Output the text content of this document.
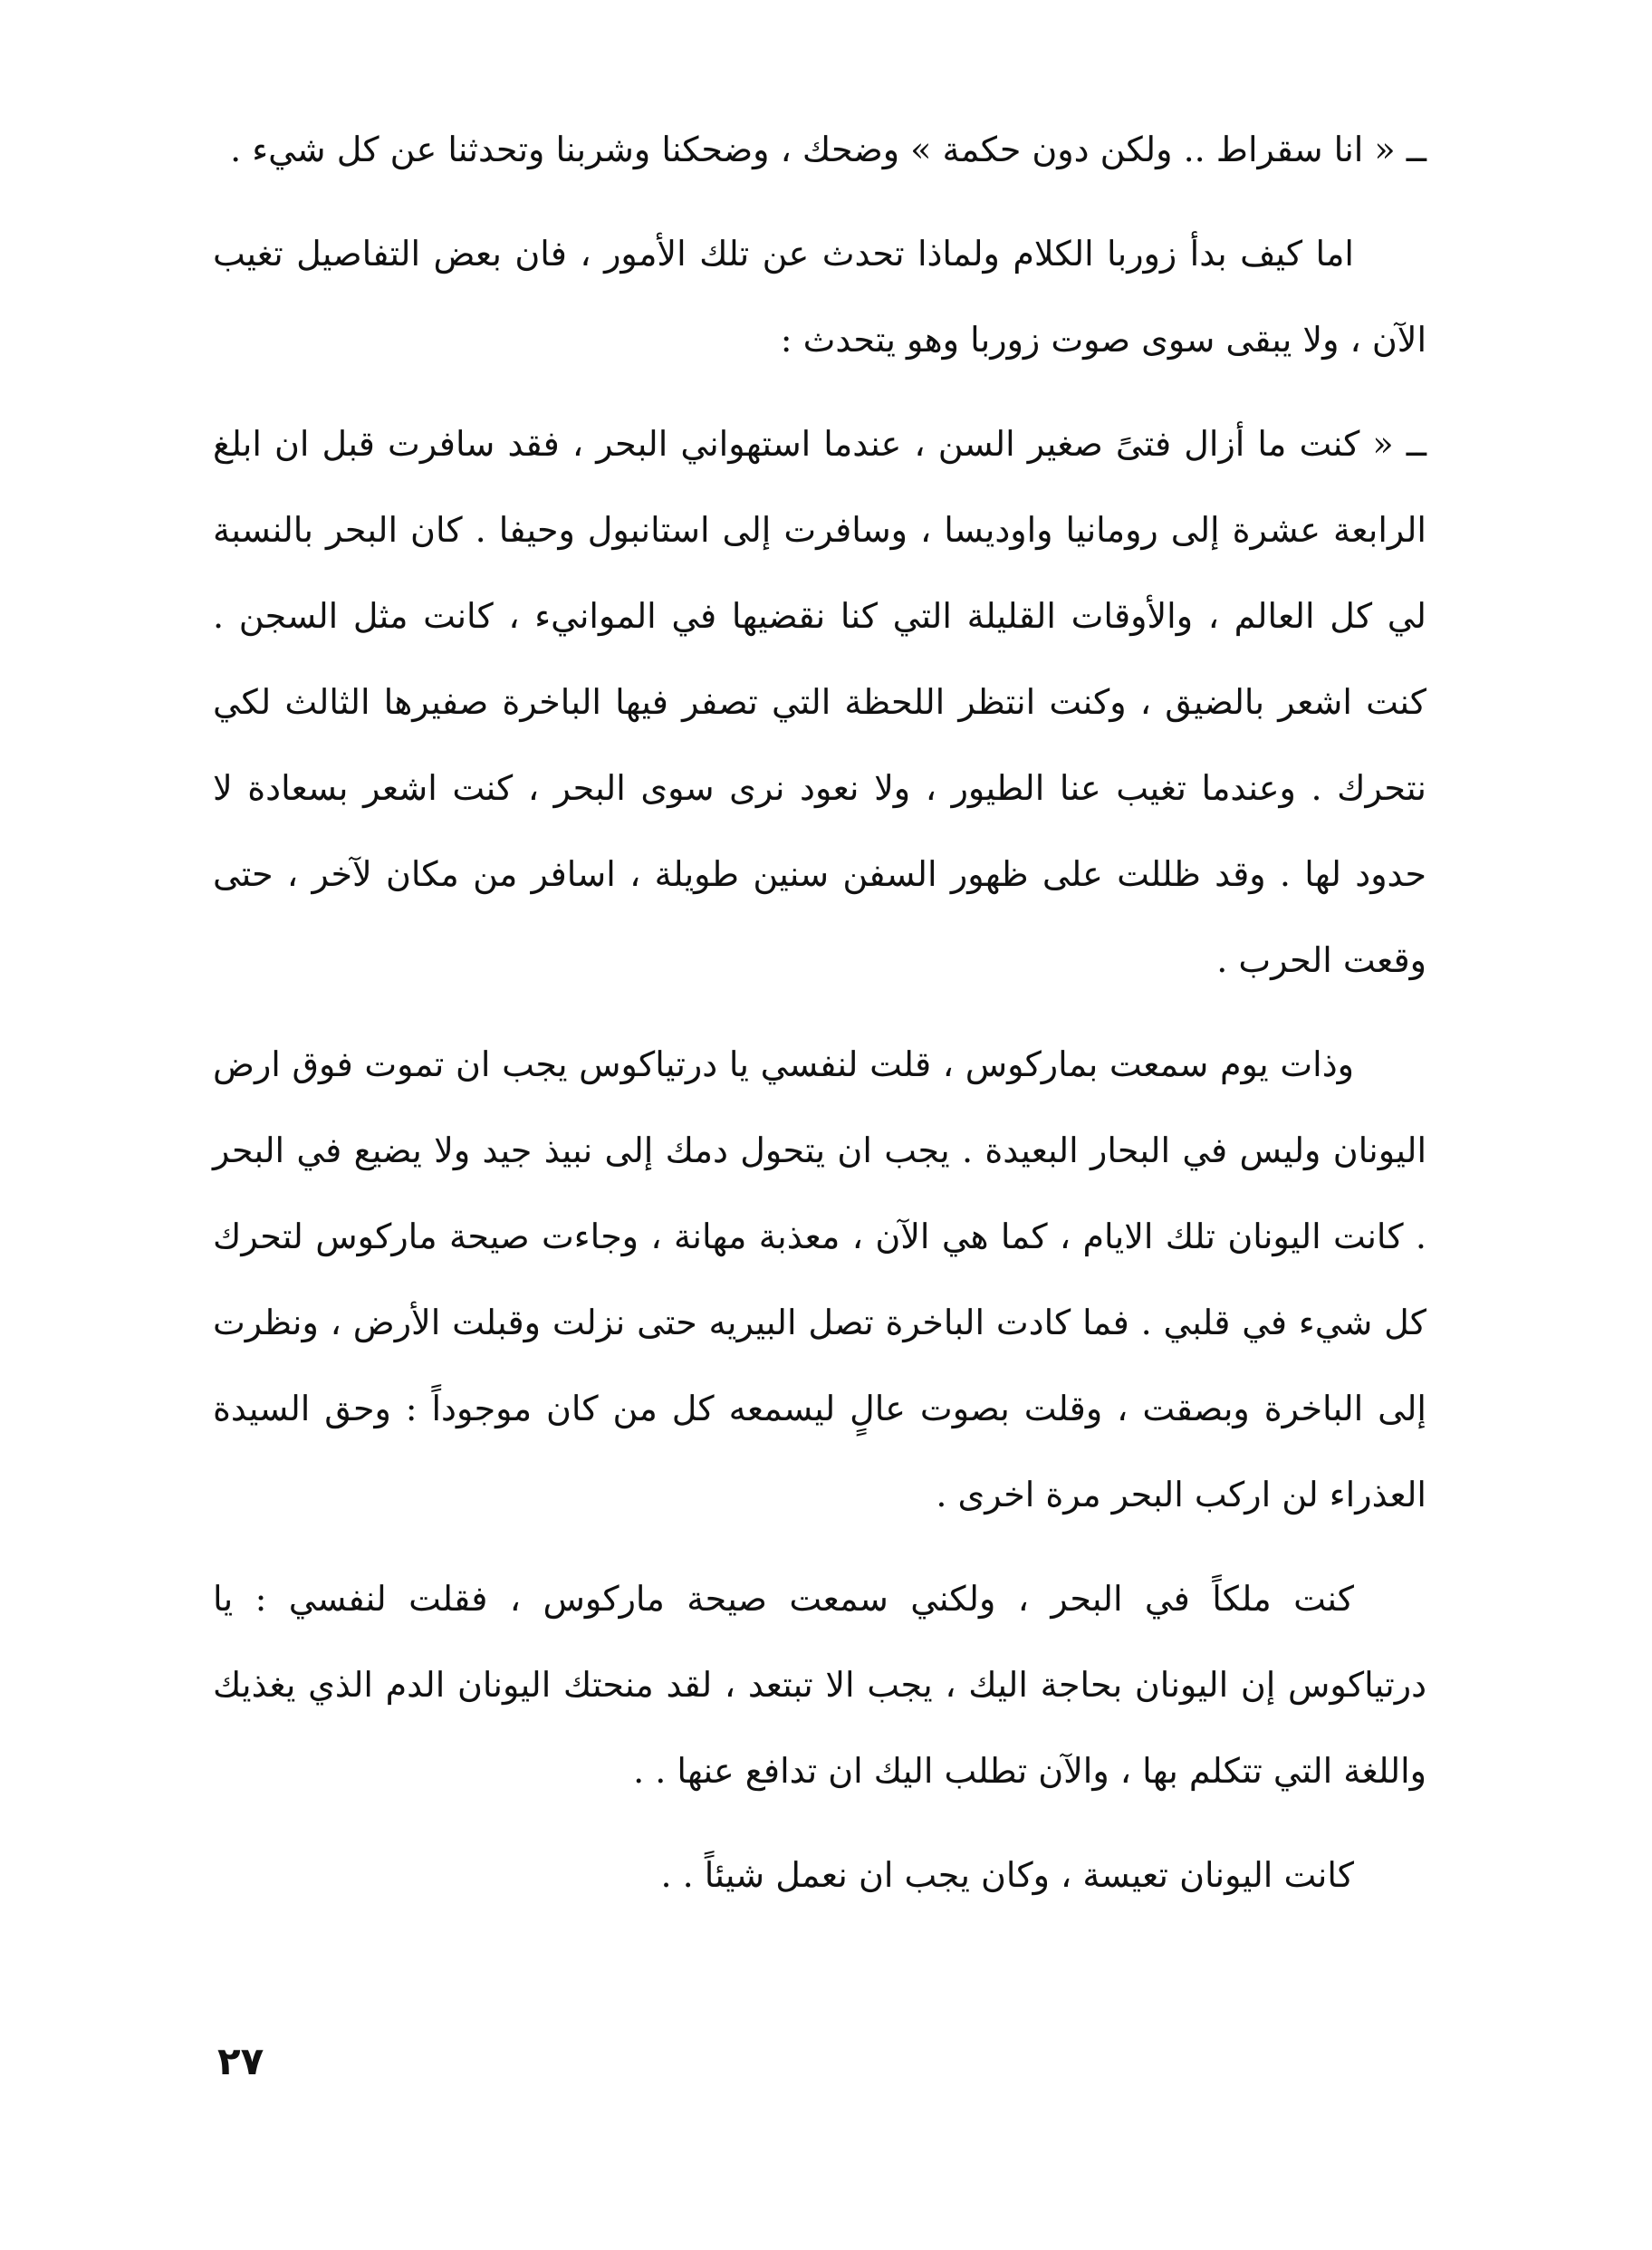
ــ « انا سقراط .. ولكن دون حكمة » وضحك ، وضحكنا وشربنا وتحدثنا عن كل شيء .

اما كيف بدأ زوربا الكلام ولماذا تحدث عن تلك الأمور ، فان بعض التفاصيل تغيب الآن ، ولا يبقى سوى صوت زوربا وهو يتحدث :

ــ « كنت ما أزال فتىً صغير السن ، عندما استهواني البحر ، فقد سافرت قبل ان ابلغ الرابعة عشرة إلى رومانيا واوديسا ، وسافرت إلى استانبول وحيفا . كان البحر بالنسبة لي كل العالم ، والأوقات القليلة التي كنا نقضيها في الموانيء ، كانت مثل السجن . كنت اشعر بالضيق ، وكنت انتظر اللحظة التي تصفر فيها الباخرة صفيرها الثالث لكي نتحرك . وعندما تغيب عنا الطيور ، ولا نعود نرى سوى البحر ، كنت اشعر بسعادة لا حدود لها . وقد ظللت على ظهور السفن سنين طويلة ، اسافر من مكان لآخر ، حتى وقعت الحرب .

وذات يوم سمعت بماركوس ، قلت لنفسي يا درتياكوس يجب ان تموت فوق ارض اليونان وليس في البحار البعيدة . يجب ان يتحول دمك إلى نبيذ جيد ولا يضيع في البحر . كانت اليونان تلك الايام ، كما هي الآن ، معذبة مهانة ، وجاءت صيحة ماركوس لتحرك كل شيء في قلبي . فما كادت الباخرة تصل البيريه حتى نزلت وقبلت الأرض ، ونظرت إلى الباخرة وبصقت ، وقلت بصوت عالٍ ليسمعه كل من كان موجوداً : وحق السيدة العذراء لن اركب البحر مرة اخرى .

كنت ملكاً في البحر ، ولكني سمعت صيحة ماركوس ، فقلت لنفسي : يا درتياكوس إن اليونان بحاجة اليك ، يجب الا تبتعد ، لقد منحتك اليونان الدم الذي يغذيك واللغة التي تتكلم بها ، والآن تطلب اليك ان تدافع عنها . .

كانت اليونان تعيسة ، وكان يجب ان نعمل شيئاً . .

٢٧
